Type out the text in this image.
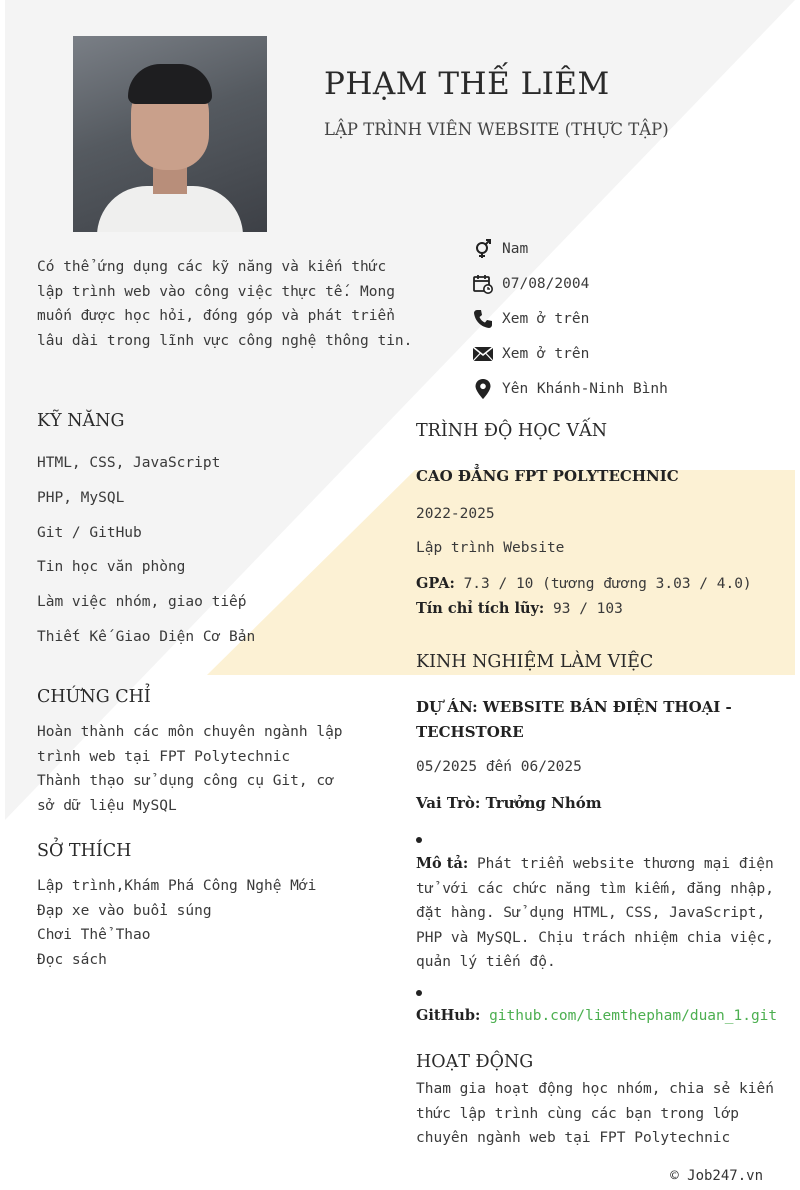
PHẠM THẾ LIÊM
LẬP TRÌNH VIÊN WEBSITE (THỰC TẬP)
Có thể ứng dụng các kỹ năng và kiến thức lập trình web vào công việc thực tế. Mong muốn được học hỏi, đóng góp và phát triển lâu dài trong lĩnh vực công nghệ thông tin.
Nam
07/08/2004
Xem ở trên
Xem ở trên
Yên Khánh-Ninh Bình
KỸ NĂNG
HTML, CSS, JavaScript
PHP, MySQL
Git / GitHub
Tin học văn phòng
Làm việc nhóm, giao tiếp
Thiết Kế Giao Diện Cơ Bản
CHỨNG CHỈ
Hoàn thành các môn chuyên ngành lập trình web tại FPT Polytechnic
Thành thạo sử dụng công cụ Git, cơ sở dữ liệu MySQL
SỞ THÍCH
Lập trình,Khám Phá Công Nghệ Mới
Đạp xe vào buổi súng
Chơi Thể Thao
Đọc sách
TRÌNH ĐỘ HỌC VẤN
CAO ĐẲNG FPT POLYTECHNIC
2022-2025
Lập trình Website
GPA: 7.3 / 10 (tương đương 3.03 / 4.0)
Tín chỉ tích lũy: 93 / 103
KINH NGHIỆM LÀM VIỆC
DỰ ÁN: WEBSITE BÁN ĐIỆN THOẠI - TECHSTORE
05/2025 đến 06/2025
Vai Trò: Trưởng Nhóm
Mô tả: Phát triển website thương mại điện tử với các chức năng tìm kiếm, đăng nhập, đặt hàng. Sử dụng HTML, CSS, JavaScript, PHP và MySQL. Chịu trách nhiệm chia việc, quản lý tiến độ.
GitHub: github.com/liemthepham/duan_1.git
HOẠT ĐỘNG
Tham gia hoạt động học nhóm, chia sẻ kiến thức lập trình cùng các bạn trong lớp chuyên ngành web tại FPT Polytechnic
© Job247.vn
